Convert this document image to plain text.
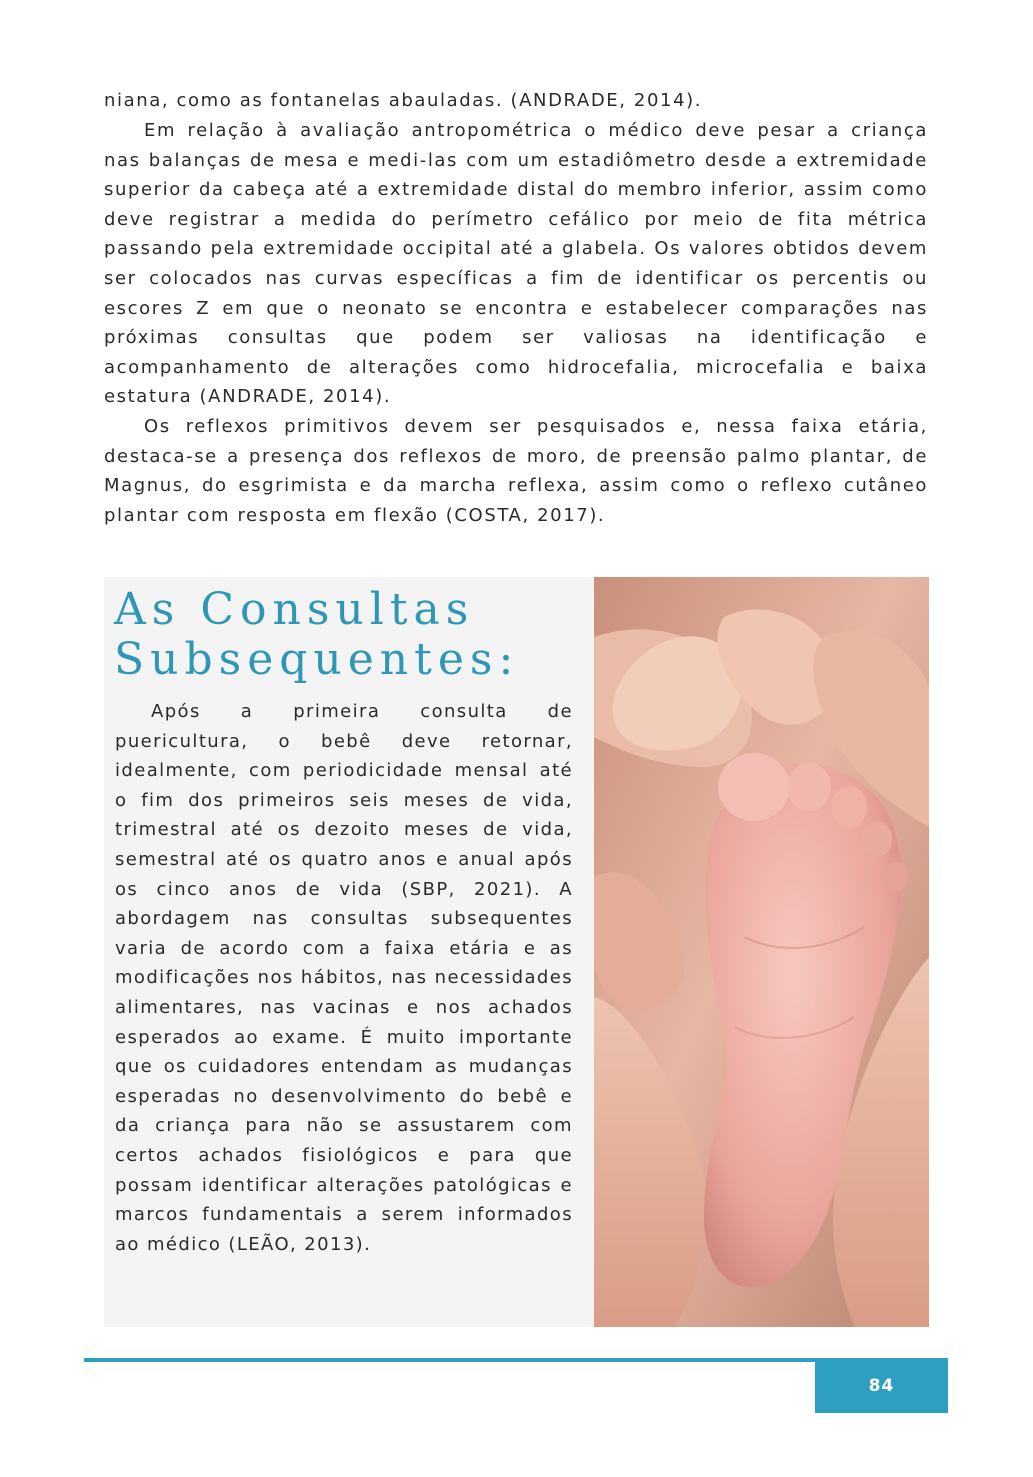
niana, como as fontanelas abauladas. (ANDRADE, 2014).

Em relação à avaliação antropométrica o médico deve pesar a criança nas balanças de mesa e medi-las com um estadiômetro desde a extremidade superior da cabeça até a extremidade distal do membro inferior, assim como deve registrar a medida do perímetro cefálico por meio de fita métrica passando pela extremidade occipital até a glabela. Os valores obtidos devem ser colocados nas curvas específicas a fim de identificar os percentis ou escores Z em que o neonato se encontra e estabelecer comparações nas próximas consultas que podem ser valiosas na identificação e acompanhamento de alterações como hidrocefalia, microcefalia e baixa estatura (ANDRADE, 2014).

Os reflexos primitivos devem ser pesquisados e, nessa faixa etária, destaca-se a presença dos reflexos de moro, de preensão palmo plantar, de Magnus, do esgrimista e da marcha reflexa, assim como o reflexo cutâneo plantar com resposta em flexão (COSTA, 2017).

As Consultas Subsequentes:

Após a primeira consulta de puericultura, o bebê deve retornar, idealmente, com periodicidade mensal até o fim dos primeiros seis meses de vida, trimestral até os dezoito meses de vida, semestral até os quatro anos e anual após os cinco anos de vida (SBP, 2021). A abordagem nas consultas subsequentes varia de acordo com a faixa etária e as modificações nos hábitos, nas necessidades alimentares, nas vacinas e nos achados esperados ao exame. É muito importante que os cuidadores entendam as mudanças esperadas no desenvolvimento do bebê e da criança para não se assustarem com certos achados fisiológicos e para que possam identificar alterações patológicas e marcos fundamentais a serem informados ao médico (LEÃO, 2013).

84
